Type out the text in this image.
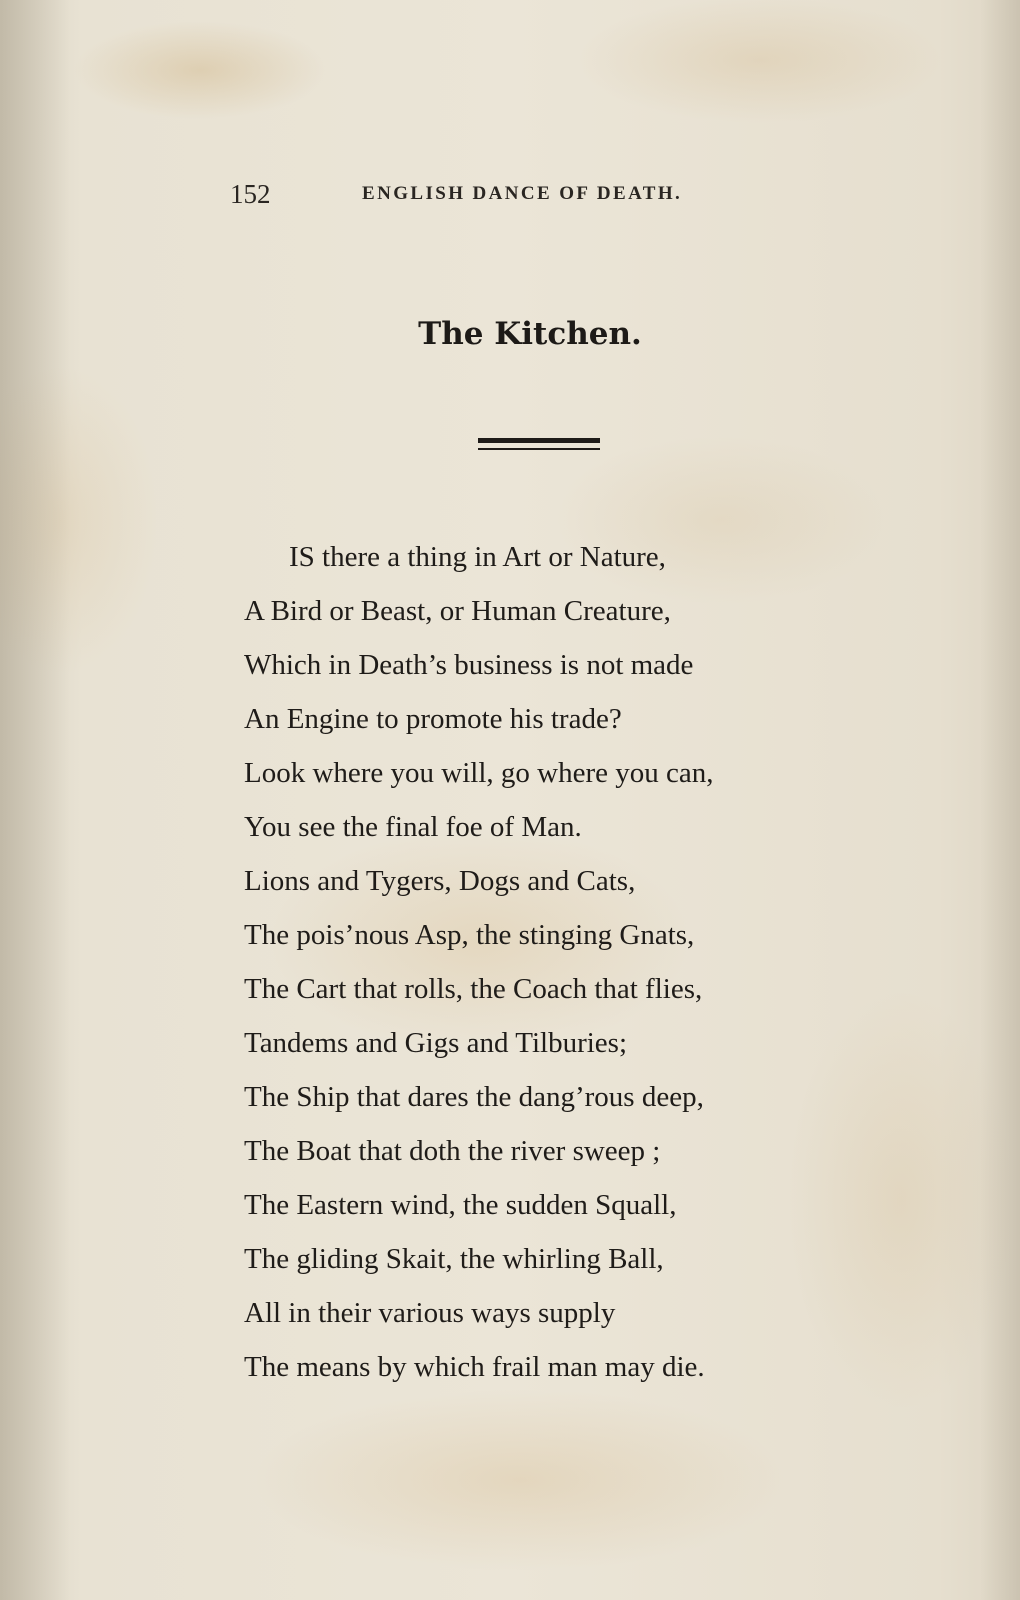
152	ENGLISH DANCE OF DEATH.
The Kitchen.
IS there a thing in Art or Nature,
A Bird or Beast, or Human Creature,
Which in Death’s business is not made
An Engine to promote his trade?
Look where you will, go where you can,
You see the final foe of Man.
Lions and Tygers, Dogs and Cats,
The pois’nous Asp, the stinging Gnats,
The Cart that rolls, the Coach that flies,
Tandems and Gigs and Tilburies;
The Ship that dares the dang’rous deep,
The Boat that doth the river sweep ;
The Eastern wind, the sudden Squall,
The gliding Skait, the whirling Ball,
All in their various ways supply
The means by which frail man may die.
